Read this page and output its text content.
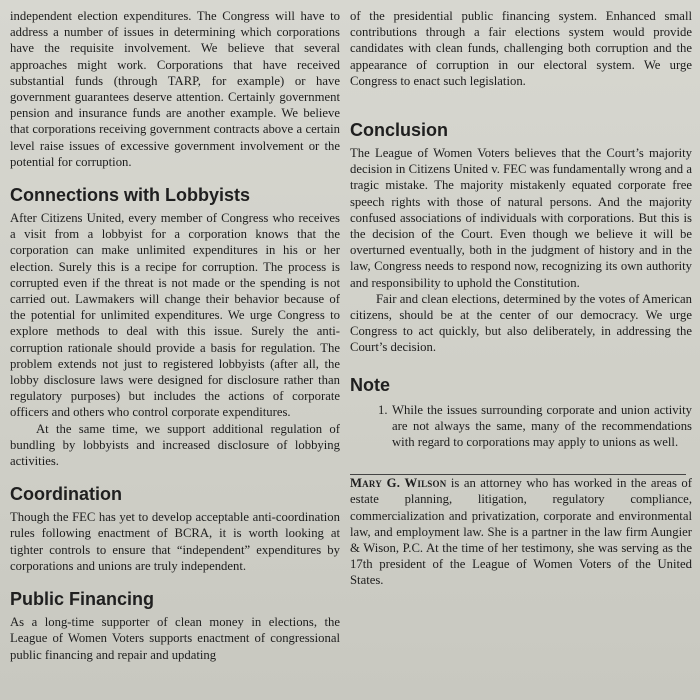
independent election expenditures. The Congress will have to address a number of issues in determining which corporations have the requisite involvement. We believe that several approaches might work. Corporations that have received substantial funds (through TARP, for example) or have government guarantees deserve attention. Certainly government pension and insurance funds are another example. We believe that corporations receiving government contracts above a certain level raise issues of excessive government involvement or the potential for corruption.

Connections with Lobbyists

After Citizens United, every member of Congress who receives a visit from a lobbyist for a corporation knows that the corporation can make unlimited expenditures in his or her election. Surely this is a recipe for corruption. The process is corrupted even if the threat is not made or the spending is not carried out. Lawmakers will change their behavior because of the potential for unlimited expenditures. We urge Congress to explore methods to deal with this issue. Surely the anti-corruption rationale should provide a basis for regulation. The problem extends not just to registered lobbyists (after all, the lobby disclosure laws were designed for disclosure rather than regulatory purposes) but includes the actions of corporate officers and others who control corporate expenditures.

At the same time, we support additional regulation of bundling by lobbyists and increased disclosure of lobbying activities.

Coordination

Though the FEC has yet to develop acceptable anti-coordination rules following enactment of BCRA, it is worth looking at tighter controls to ensure that “independent” expenditures by corporations and unions are truly independent.

Public Financing

As a long-time supporter of clean money in elections, the League of Women Voters supports enactment of congressional public financing and repair and updating

of the presidential public financing system. Enhanced small contributions through a fair elections system would provide candidates with clean funds, challenging both corruption and the appearance of corruption in our electoral system. We urge Congress to enact such legislation.

Conclusion

The League of Women Voters believes that the Court’s majority decision in Citizens United v. FEC was fundamentally wrong and a tragic mistake. The majority mistakenly equated corporate free speech rights with those of natural persons. And the majority confused associations of individuals with corporations. But this is the decision of the Court. Even though we believe it will be overturned eventually, both in the judgment of history and in the law, Congress needs to respond now, recognizing its own authority and responsibility to uphold the Constitution.

Fair and clean elections, determined by the votes of American citizens, should be at the center of our democracy. We urge Congress to act quickly, but also deliberately, in addressing the Court’s decision.

Note
1. While the issues surrounding corporate and union activity are not always the same, many of the recommendations with regard to corporations may apply to unions as well.

Mary G. Wilson is an attorney who has worked in the areas of estate planning, litigation, regulatory compliance, commercialization and privatization, corporate and environmental law, and employment law. She is a partner in the law firm Aungier & Wison, P.C. At the time of her testimony, she was serving as the 17th president of the League of Women Voters of the United States.
